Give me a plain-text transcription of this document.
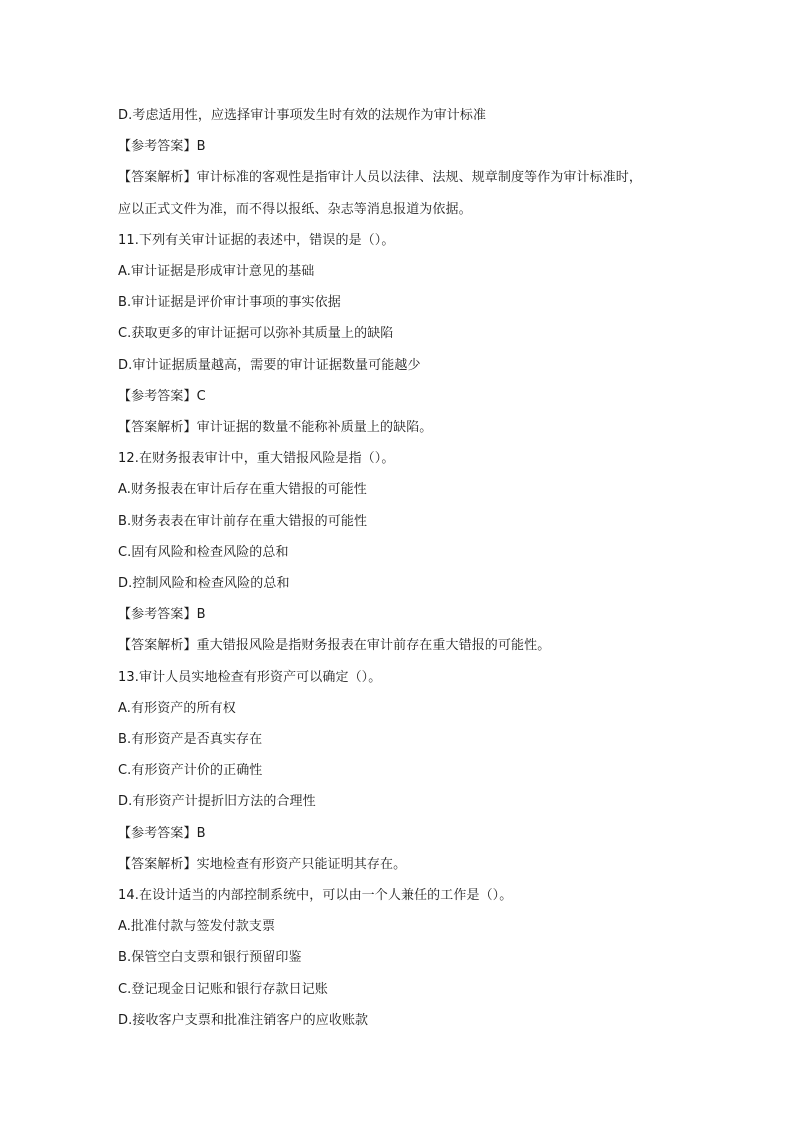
D.考虑适用性，应选择审计事项发生时有效的法规作为审计标准
【参考答案】B
【答案解析】审计标准的客观性是指审计人员以法律、法规、规章制度等作为审计标准时，
应以正式文件为准，而不得以报纸、杂志等消息报道为依据。
11.下列有关审计证据的表述中，错误的是（）。
A.审计证据是形成审计意见的基础
B.审计证据是评价审计事项的事实依据
C.获取更多的审计证据可以弥补其质量上的缺陷
D.审计证据质量越高，需要的审计证据数量可能越少
【参考答案】C
【答案解析】审计证据的数量不能称补质量上的缺陷。
12.在财务报表审计中，重大错报风险是指（）。
A.财务报表在审计后存在重大错报的可能性
B.财务表表在审计前存在重大错报的可能性
C.固有风险和检查风险的总和
D.控制风险和检查风险的总和
【参考答案】B
【答案解析】重大错报风险是指财务报表在审计前存在重大错报的可能性。
13.审计人员实地检查有形资产可以确定（）。
A.有形资产的所有权
B.有形资产是否真实存在
C.有形资产计价的正确性
D.有形资产计提折旧方法的合理性
【参考答案】B
【答案解析】实地检查有形资产只能证明其存在。
14.在设计适当的内部控制系统中，可以由一个人兼任的工作是（）。
A.批准付款与签发付款支票
B.保管空白支票和银行预留印鉴
C.登记现金日记账和银行存款日记账
D.接收客户支票和批准注销客户的应收账款
